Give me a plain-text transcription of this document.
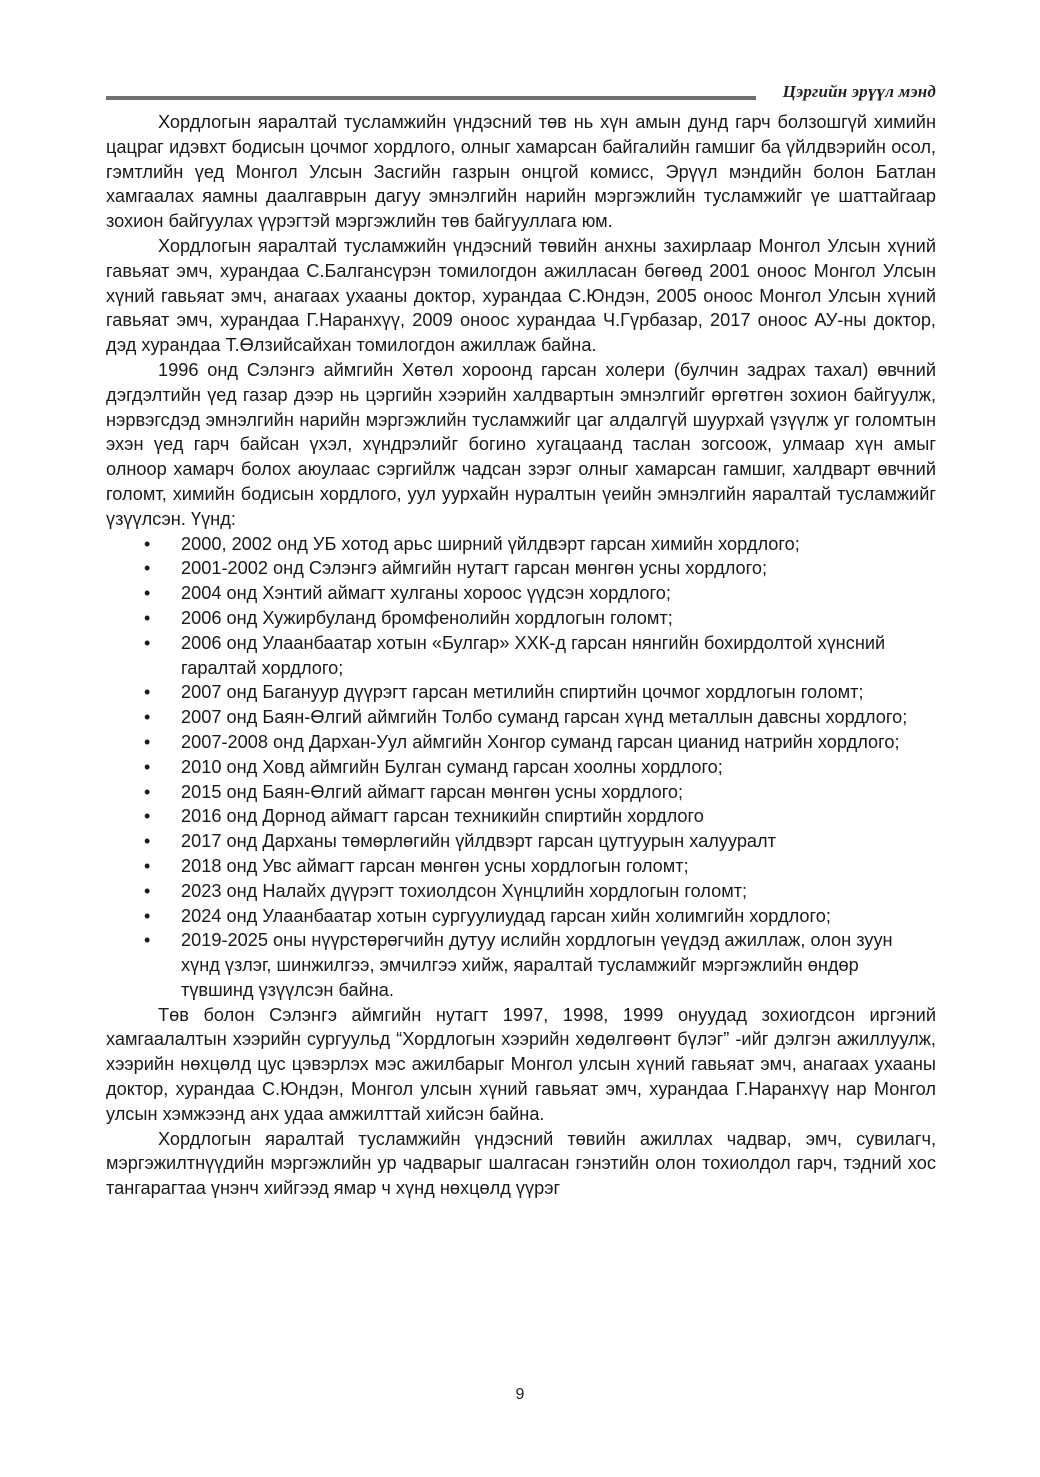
Цэргийн эрүүл мэнд

Хордлогын яаралтай тусламжийн үндэсний төв нь хүн амын дунд гарч болзошгүй химийн цацраг идэвхт бодисын цочмог хордлого, олныг хамарсан байгалийн гамшиг ба үйлдвэрийн осол, гэмтлийн үед Монгол Улсын Засгийн газрын онцгой комисс, Эрүүл мэндийн болон Батлан хамгаалах яамны даалгаврын дагуу эмнэлгийн нарийн мэргэжлийн тусламжийг үе шаттайгаар зохион байгуулах үүрэгтэй мэргэжлийн төв байгууллага юм.

Хордлогын яаралтай тусламжийн үндэсний төвийн анхны захирлаар Монгол Улсын хүний гавьяат эмч, хурандаа С.Балгансүрэн томилогдон ажилласан бөгөөд 2001 оноос Монгол Улсын хүний гавьяат эмч, анагаах ухааны доктор, хурандаа С.Юндэн, 2005 оноос Монгол Улсын хүний гавьяат эмч, хурандаа Г.Наранхүү, 2009 оноос хурандаа Ч.Гүрбазар, 2017 оноос АУ-ны доктор, дэд хурандаа Т.Өлзийсайхан томилогдон ажиллаж байна.

1996 онд Сэлэнгэ аймгийн Хөтөл хороонд гарсан холери (булчин задрах тахал) өвчний дэгдэлтийн үед газар дээр нь цэргийн хээрийн халдвартын эмнэлгийг өргөтгөн зохион байгуулж, нэрвэгсдэд эмнэлгийн нарийн мэргэжлийн тусламжийг цаг алдалгүй шуурхай үзүүлж уг голомтын эхэн үед гарч байсан үхэл, хүндрэлийг богино хугацаанд таслан зогсоож, улмаар хүн амыг олноор хамарч болох аюулаас сэргийлж чадсан зэрэг олныг хамарсан гамшиг, халдварт өвчний голомт, химийн бодисын хордлого, уул уурхайн нуралтын үеийн эмнэлгийн яаралтай тусламжийг үзүүлсэн. Үүнд:

• 2000, 2002 онд УБ хотод арьс ширний үйлдвэрт гарсан химийн хордлого;
• 2001-2002 онд Сэлэнгэ аймгийн нутагт гарсан мөнгөн усны хордлого;
• 2004 онд Хэнтий аймагт хулганы хороос үүдсэн хордлого;
• 2006 онд Хужирбуланд бромфенолийн хордлогын голомт;
• 2006 онд Улаанбаатар хотын «Булгар» ХХК-д гарсан нянгийн бохирдолтой хүнсний гаралтай хордлого;
• 2007 онд Багануур дүүрэгт гарсан метилийн спиртийн цочмог хордлогын голомт;
• 2007 онд Баян-Өлгий аймгийн Толбо суманд гарсан хүнд металлын давсны хордлого;
• 2007-2008 онд Дархан-Уул аймгийн Хонгор суманд гарсан цианид натрийн хордлого;
• 2010 онд Ховд аймгийн Булган суманд гарсан хоолны хордлого;
• 2015 онд Баян-Өлгий аймагт гарсан мөнгөн усны хордлого;
• 2016 онд Дорнод аймагт гарсан техникийн спиртийн хордлого
• 2017 онд Дарханы төмөрлөгийн үйлдвэрт гарсан цутгуурын халууралт
• 2018 онд Увс аймагт гарсан мөнгөн усны хордлогын голомт;
• 2023 онд Налайх дүүрэгт тохиолдсон Хүнцлийн хордлогын голомт;
• 2024 онд Улаанбаатар хотын сургуулиудад гарсан хийн холимгийн хордлого;
• 2019-2025 оны нүүрстөрөгчийн дутуу ислийн хордлогын үеүдэд ажиллаж, олон зуун хүнд үзлэг, шинжилгээ, эмчилгээ хийж, яаралтай тусламжийг мэргэжлийн өндөр түвшинд үзүүлсэн байна.

Төв болон Сэлэнгэ аймгийн нутагт 1997, 1998, 1999 онуудад зохиогдсон иргэний хамгаалалтын хээрийн сургуульд “Хордлогын хээрийн хөдөлгөөнт бүлэг” -ийг дэлгэн ажиллуулж, хээрийн нөхцөлд цус цэвэрлэх мэс ажилбарыг Монгол улсын хүний гавьяат эмч, анагаах ухааны доктор, хурандаа С.Юндэн, Монгол улсын хүний гавьяат эмч, хурандаа Г.Наранхүү нар Монгол улсын хэмжээнд анх удаа амжилттай хийсэн байна.

Хордлогын яаралтай тусламжийн үндэсний төвийн ажиллах чадвар, эмч, сувилагч, мэргэжилтнүүдийн мэргэжлийн ур чадварыг шалгасан гэнэтийн олон тохиолдол гарч, тэдний хос тангарагтаа үнэнч хийгээд ямар ч хүнд нөхцөлд үүрэг

9
